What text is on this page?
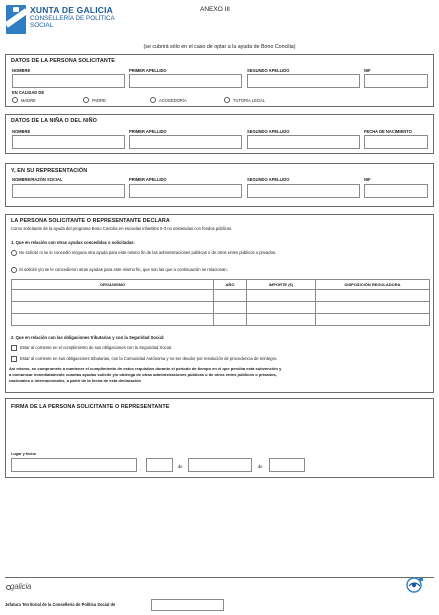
XUNTA DE GALICIA
CONSELLERÍA DE POLÍTICA
SOCIAL
ANEXO III
(se cubrirá sólo en el caso de optar a la ayuda de Bono Concilia)
DATOS DE LA PERSONA SOLICITANTE
NOMBRE	PRIMER APELLIDO	SEGUNDO APELLIDO	NIF
EN CALIDAD DE
MADRE	PADRE	ACOGEDOR/A	TUTOR/A LEGAL
DATOS DE LA NIÑA O DEL NIÑO
NOMBRE	PRIMER APELLIDO	SEGUNDO APELLIDO	FECHA DE NACIMIENTO
Y, EN SU REPRESENTACIÓN
NOMBRE/RAZÓN SOCIAL	PRIMER APELLIDO	SEGUNDO APELLIDO	NIF
LA PERSONA SOLICITANTE O REPRESENTANTE DECLARA
Como solicitante de la ayuda del programa Bono Concilia en escuelas infantiles 0-3 no sostenidas con fondos públicos.
1. Que en relación con otras ayudas concedidas o solicitadas:
No solicitó ni se le concedió ninguna otra ayuda para este mismo fin de las administraciones públicas o de otros entes públicos o privados.
Sí solicitó y/o se le concedieron otras ayudas para este mismo fin, que son las que a continuación se relacionan:
ORGANISMO	AÑO	IMPORTE (€)	DISPOSICIÓN REGULADORA

2. Que en relación con las obligaciones tributarias y con la Seguridad Social:
Estar al corriente en el cumplimiento de sus obligaciones con la Seguridad Social.
Estar al corriente en sus obligaciones tributarias, con la Comunidad Autónoma y no ser deudor por resolución de procedencia de reintegro.
Así mismo, se compromete a mantener el cumplimiento de estos requisitos durante el período de tiempo en el que perciba esta subvención y
a comunicar inmediatamente cuantas ayudas solicite y/o obtenga de otras administraciones públicas o de otros entes públicos o privados,
nacionales o internacionales, a partir de la fecha de esta declaración
FIRMA DE LA PERSONA SOLICITANTE O REPRESENTANTE
Lugar y fecha
,	de	de
galicia
Jefatura Territorial de la Consellería de Política Social de
